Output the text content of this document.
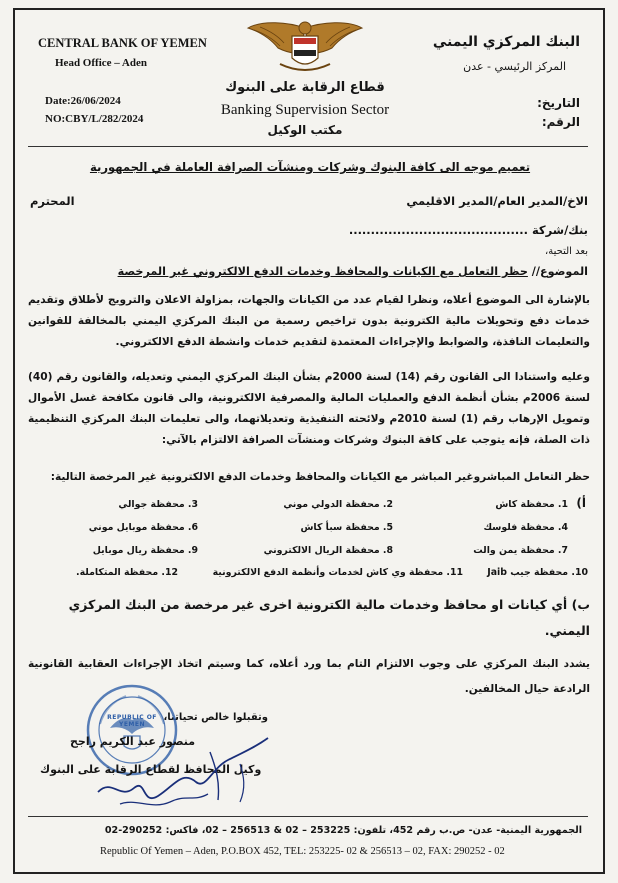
CENTRAL BANK OF YEMEN
Head Office – Aden
Date:26/06/2024
NO:CBY/L/282/2024
البنك المركزي اليمني
المركز الرئيسي - عدن
التاريخ:
الرقم:
قطاع الرقابة على البنوك
Banking Supervision Sector
مكتب الوكيل
تعميم موجه الى كافة البنوك وشركات ومنشآت الصرافة العاملة في الجمهورية
الاخ/المدير العام/المدير الاقليمي
المحترم
بنك/شركة .........................................
بعد التحية،
الموضوع// حظر التعامل مع الكيانات والمحافظ وخدمات الدفع الالكتروني غير المرخصة
بالإشارة الى الموضوع أعلاه، ونظرا لقيام عدد من الكيانات والجهات، بمزاولة الاعلان والترويج لأطلاق وتقديم خدمات دفع وتحويلات مالية الكترونية بدون تراخيص رسمية من البنك المركزي اليمني بالمخالفة للقوانين والتعليمات النافذة، والضوابط والإجراءات المعتمدة لتقديم خدمات وانشطة الدفع الالكتروني.
وعليه واستنادا الى القانون رقم (14) لسنة 2000م بشأن البنك المركزي اليمني وتعديله، والقانون رقم (40) لسنة 2006م بشأن أنظمة الدفع والعمليات المالية والمصرفية الالكترونية، والى قانون مكافحة غسل الأموال وتمويل الإرهاب رقم (1) لسنة 2010م ولائحته التنفيذية وتعديلاتهما، والى تعليمات البنك المركزي التنظيمية ذات الصلة، فإنه يتوجب على كافة البنوك وشركات ومنشآت الصرافة الالتزام بالآتي:
حظر التعامل المباشروغير المباشر مع الكيانات والمحافظ وخدمات الدفع الالكترونية غير المرخصة التالية:
أ)
1. محفظة كاش
2. محفظة الدولي موني
3. محفظة جوالي
4. محفظة فلوسك
5. محفظة سبأ كاش
6. محفظة موبايل موني
7. محفظة يمن والت
8. محفظة الريال الالكتروني
9. محفظة ريال موبايل
10. محفظة جيب Jaib
11. محفظة وي كاش لخدمات وأنظمة الدفع الالكترونية
12. محفظة المتكاملة.
ب) أي كيانات او محافظ وخدمات مالية الكترونية اخرى غير مرخصة من البنك المركزي اليمني.
يشدد البنك المركزي على وجوب الالتزام التام بما ورد أعلاه، كما وسيتم اتخاذ الإجراءات العقابية القانونية الرادعة حيال المخالفين.
وتقبلوا خالص تحياتنا،
REPUBLIC OF YEMEN
منصور عبد الكريم راجح
وكيل المحافظ لقطاع الرقابة على البنوك
الجمهورية اليمنية- عدن- ص.ب رقم 452، تلفون: 253225 – 02 & 256513 – 02، فاكس: 290252-02
Republic Of Yemen – Aden, P.O.BOX 452, TEL: 253225- 02 & 256513 – 02, FAX: 290252 - 02
